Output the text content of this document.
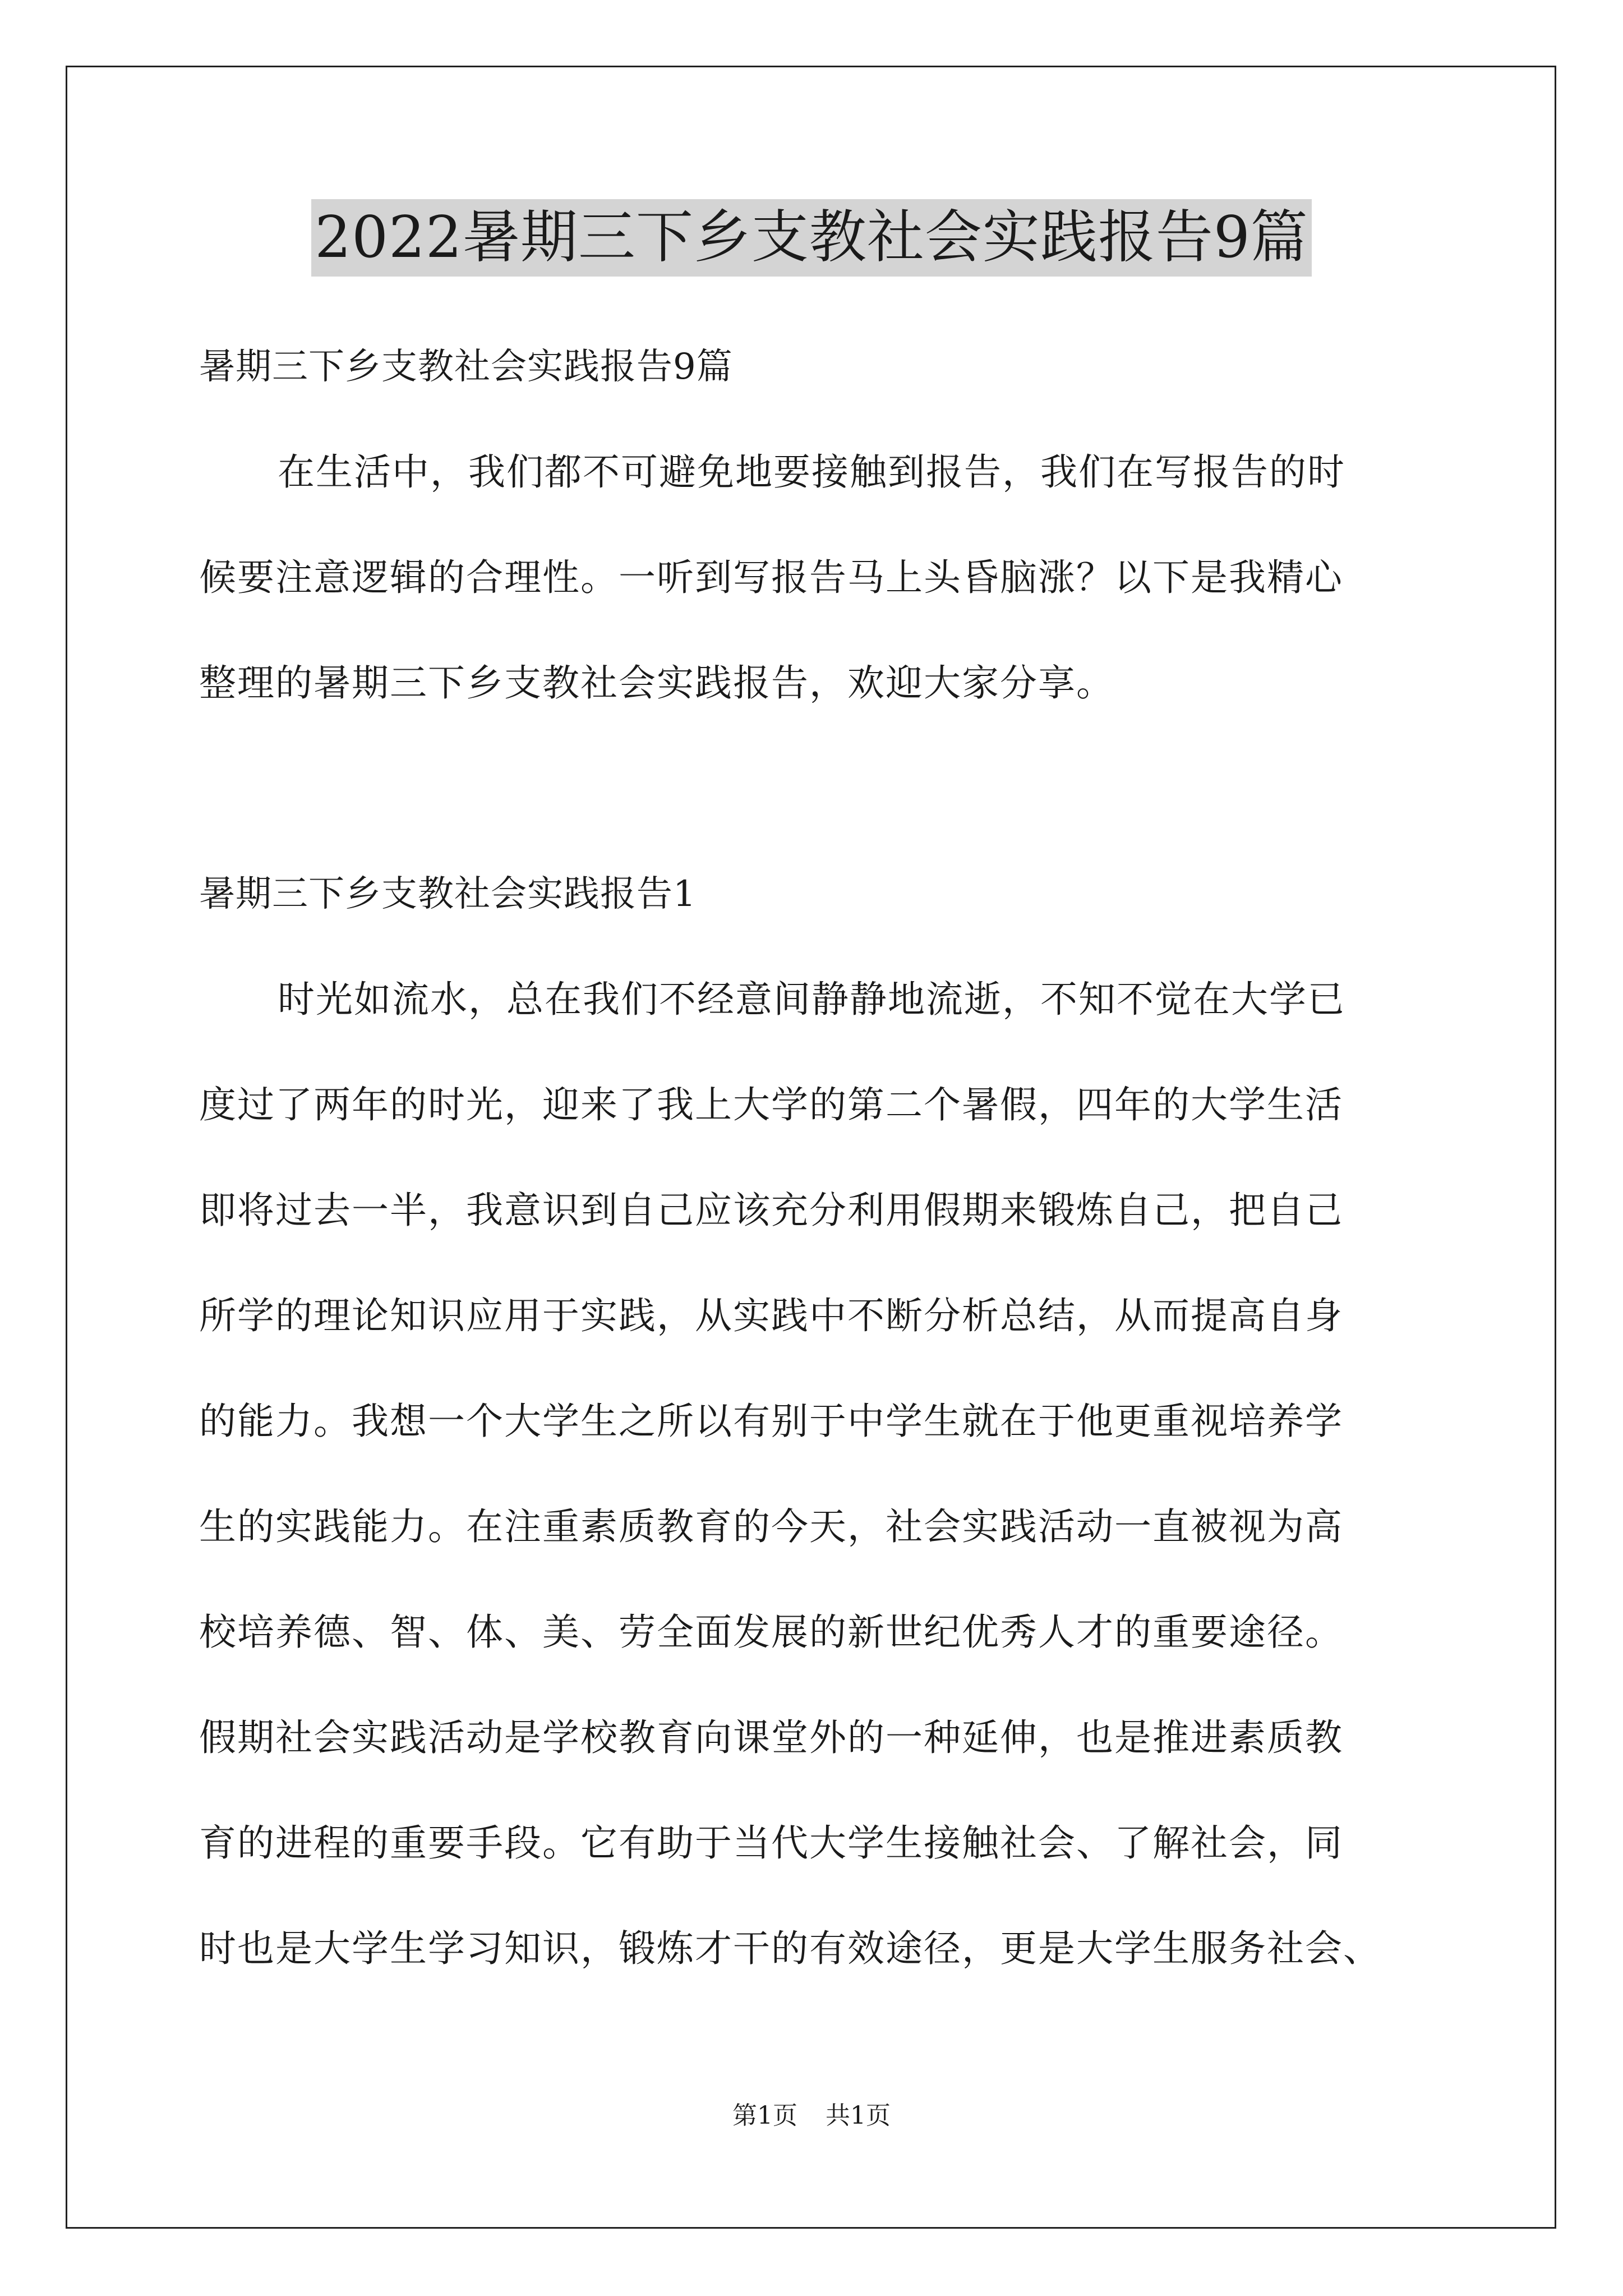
2022暑期三下乡支教社会实践报告9篇
暑期三下乡支教社会实践报告9篇
在生活中，我们都不可避免地要接触到报告，我们在写报告的时
候要注意逻辑的合理性。一听到写报告马上头昏脑涨？以下是我精心
整理的暑期三下乡支教社会实践报告，欢迎大家分享。
暑期三下乡支教社会实践报告1
时光如流水，总在我们不经意间静静地流逝，不知不觉在大学已
度过了两年的时光，迎来了我上大学的第二个暑假，四年的大学生活
即将过去一半，我意识到自己应该充分利用假期来锻炼自己，把自己
所学的理论知识应用于实践，从实践中不断分析总结，从而提高自身
的能力。我想一个大学生之所以有别于中学生就在于他更重视培养学
生的实践能力。在注重素质教育的今天，社会实践活动一直被视为高
校培养德、智、体、美、劳全面发展的新世纪优秀人才的重要途径。
假期社会实践活动是学校教育向课堂外的一种延伸，也是推进素质教
育的进程的重要手段。它有助于当代大学生接触社会、了解社会，同
时也是大学生学习知识，锻炼才干的有效途径，更是大学生服务社会、
第1页 共1页
